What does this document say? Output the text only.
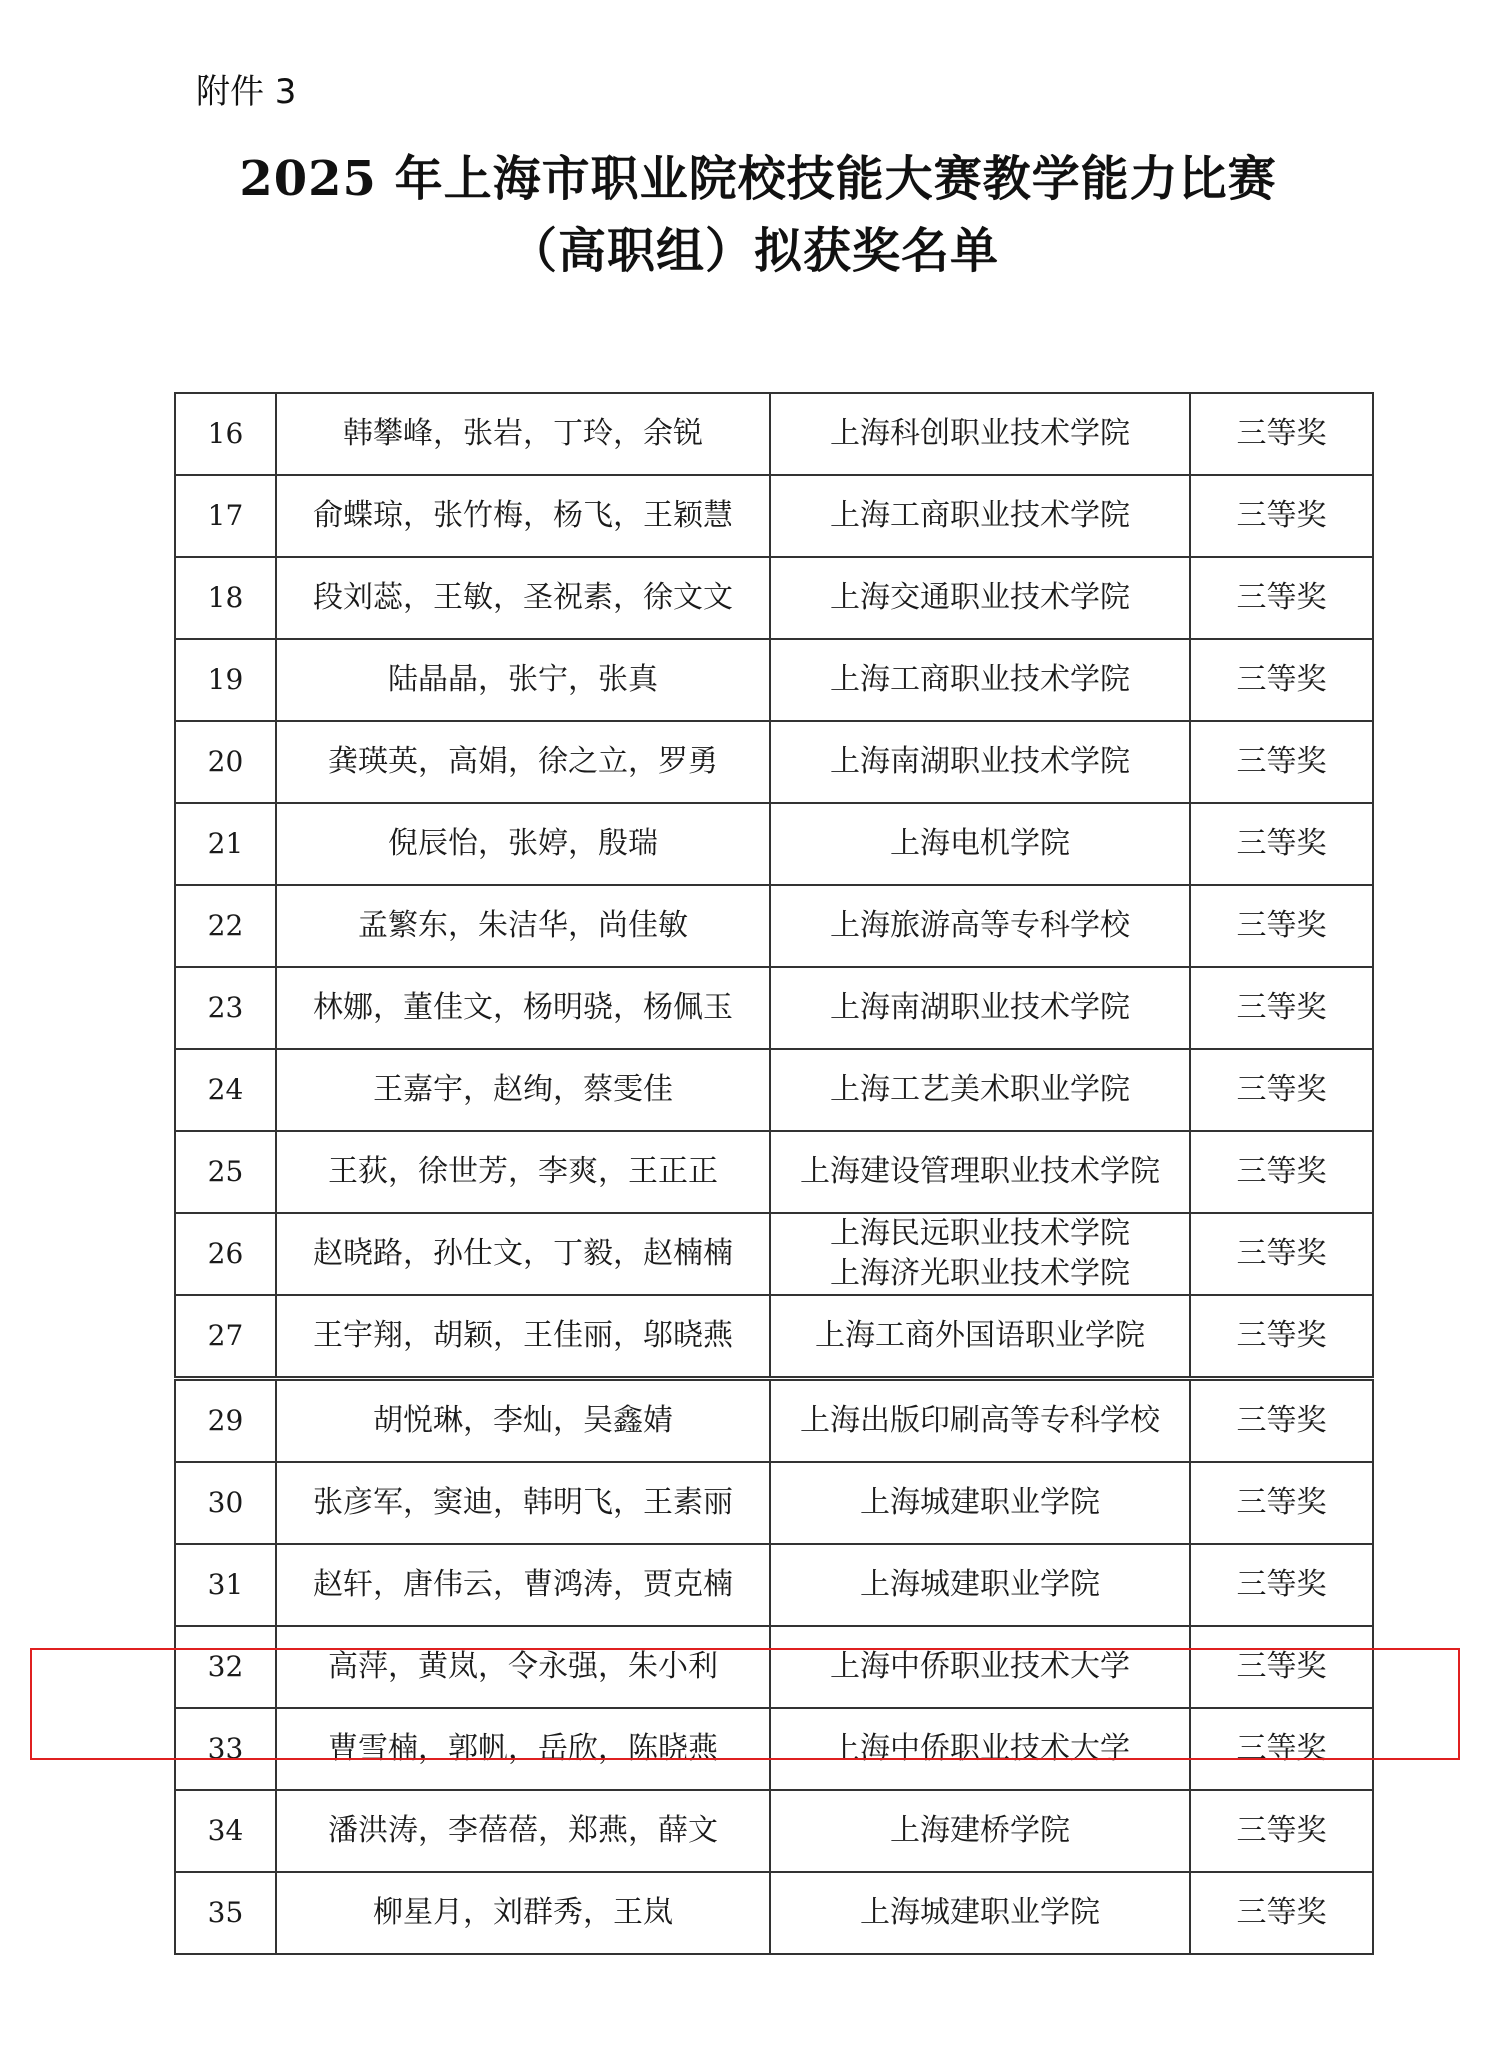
附件 3
2025 年上海市职业院校技能大赛教学能力比赛
（高职组）拟获奖名单
16	韩攀峰，张岩，丁玲，余锐	上海科创职业技术学院	三等奖
17	俞蝶琼，张竹梅，杨飞，王颖慧	上海工商职业技术学院	三等奖
18	段刘蕊，王敏，圣祝素，徐文文	上海交通职业技术学院	三等奖
19	陆晶晶，张宁，张真	上海工商职业技术学院	三等奖
20	龚瑛英，高娟，徐之立，罗勇	上海南湖职业技术学院	三等奖
21	倪辰怡，张婷，殷瑞	上海电机学院	三等奖
22	孟繁东，朱洁华，尚佳敏	上海旅游高等专科学校	三等奖
23	林娜，董佳文，杨明骁，杨佩玉	上海南湖职业技术学院	三等奖
24	王嘉宇，赵绚，蔡雯佳	上海工艺美术职业学院	三等奖
25	王荻，徐世芳，李爽，王正正	上海建设管理职业技术学院	三等奖
26	赵晓路，孙仕文，丁毅，赵楠楠	上海民远职业技术学院
上海济光职业技术学院	三等奖
27	王宇翔，胡颖，王佳丽，邬晓燕	上海工商外国语职业学院	三等奖
29	胡悦琳，李灿，吴鑫婧	上海出版印刷高等专科学校	三等奖
30	张彦军，窦迪，韩明飞，王素丽	上海城建职业学院	三等奖
31	赵轩，唐伟云，曹鸿涛，贾克楠	上海城建职业学院	三等奖
32	高萍，黄岚，令永强，朱小利	上海中侨职业技术大学	三等奖
33	曹雪楠，郭帆，岳欣，陈晓燕	上海中侨职业技术大学	三等奖
34	潘洪涛，李蓓蓓，郑燕，薛文	上海建桥学院	三等奖
35	柳星月，刘群秀，王岚	上海城建职业学院	三等奖
